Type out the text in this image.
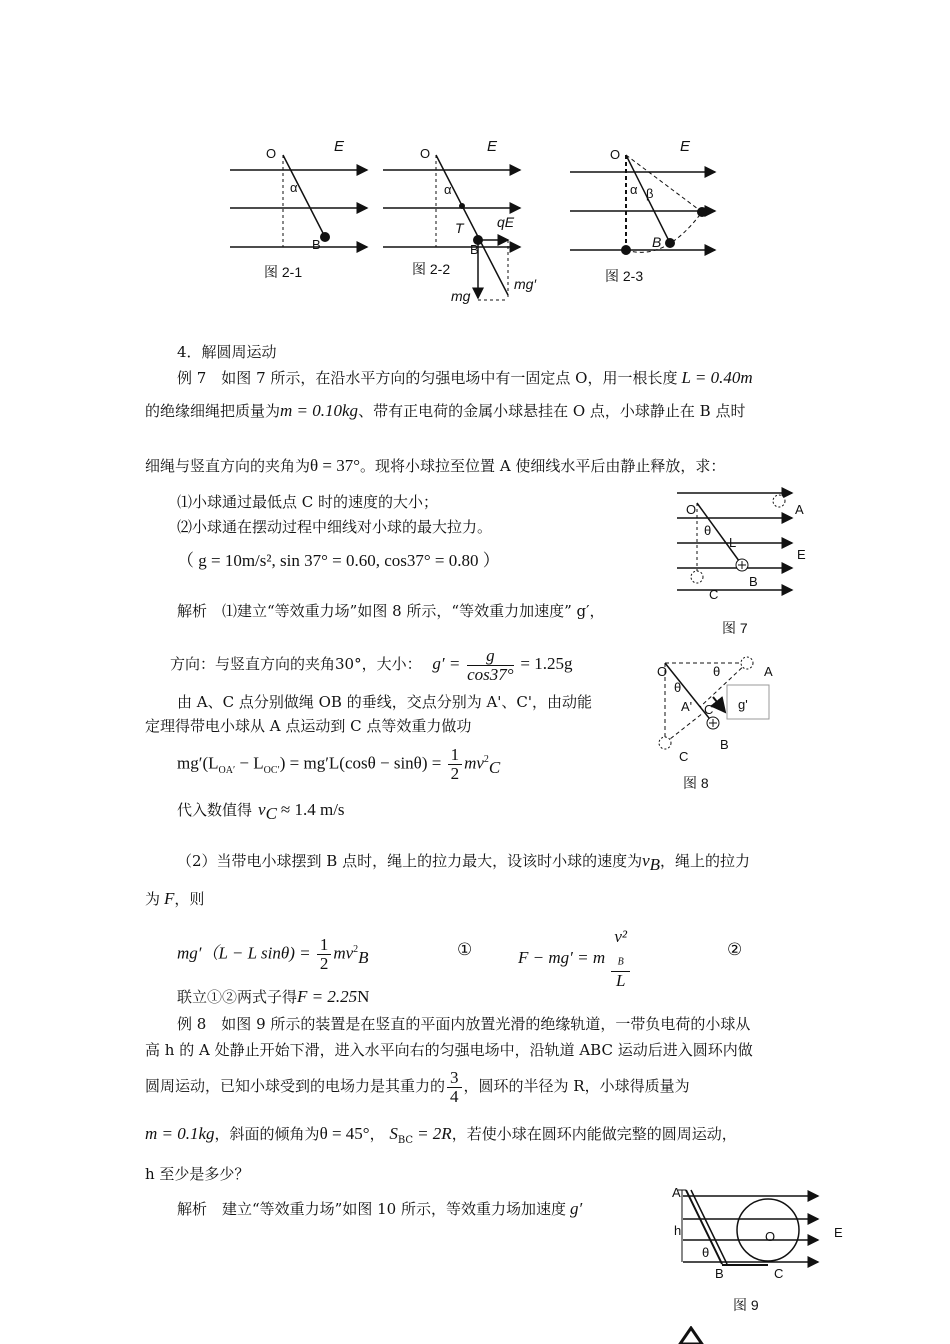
O	E
α
B
图 2-1
O	E
α
T qE
B
mg
mg′
图 2-2
O	E
α β
B
图 2-3
4．解圆周运动
例 7　如图 7 所示，在沿水平方向的匀强电场中有一固定点 O，用一根长度 L = 0.40m
的绝缘细绳把质量为m = 0.10kg、带有正电荷的金属小球悬挂在 O 点，小球静止在 B 点时
细绳与竖直方向的夹角为θ = 37°。现将小球拉至位置 A 使细线水平后由静止释放，求：
⑴小球通过最低点 C 时的速度的大小；
⑵小球通在摆动过程中细线对小球的最大拉力。
（ g = 10m/s², sin 37° = 0.60, cos37° = 0.80 ）
O	A
θ
L
E
B
C
图 7
解析　⑴建立“等效重力场”如图 8 所示，“等效重力加速度” g′，
方向：与竖直方向的夹角30°，大小： $g' = \frac{g}{\cos 37^\circ} = 1.25g$
由 A、C 点分别做绳 OB 的垂线，交点分别为 A'、C'，由动能
定理得带电小球从 A 点运动到 C 点等效重力做功
$mg'(L_{OA'} - L_{OC'}) = mg'L(\cos\theta - \sin\theta) = \frac{1}{2} mv^2_C$
O	A
θ
θ
A' C' g'
B
C
图 8
代入数值得 $v_C \approx 1.4$ m/s
（2）当带电小球摆到 B 点时，绳上的拉力最大，设该时小球的速度为$v_B$，绳上的拉力
为 F，则
mg′（L − L $\sin\theta) = \frac{1}{2} mv^2_B$	①	F − mg′ = m v²
$_B$
L	②
联立①②两式子得F = 2.25N
例 8　如图 9 所示的装置是在竖直的平面内放置光滑的绝缘轨道，一带负电荷的小球从
高 h 的 A 处静止开始下滑，进入水平向右的匀强电场中，沿轨道 ABC 运动后进入圆环内做
圆周运动，已知小球受到的电场力是其重力的 $\frac{3}{4}$ ，圆环的半径为 R，小球得质量为
m = 0.1kg，斜面的倾角为θ = 45°， $S_{BC} = 2R$，若使小球在圆环内能做完整的圆周运动，
h 至少是多少？
解析　建立“等效重力场”如图 10 所示，等效重力场加速度 g′
A
h
θ
O	E
B	C
图 9
